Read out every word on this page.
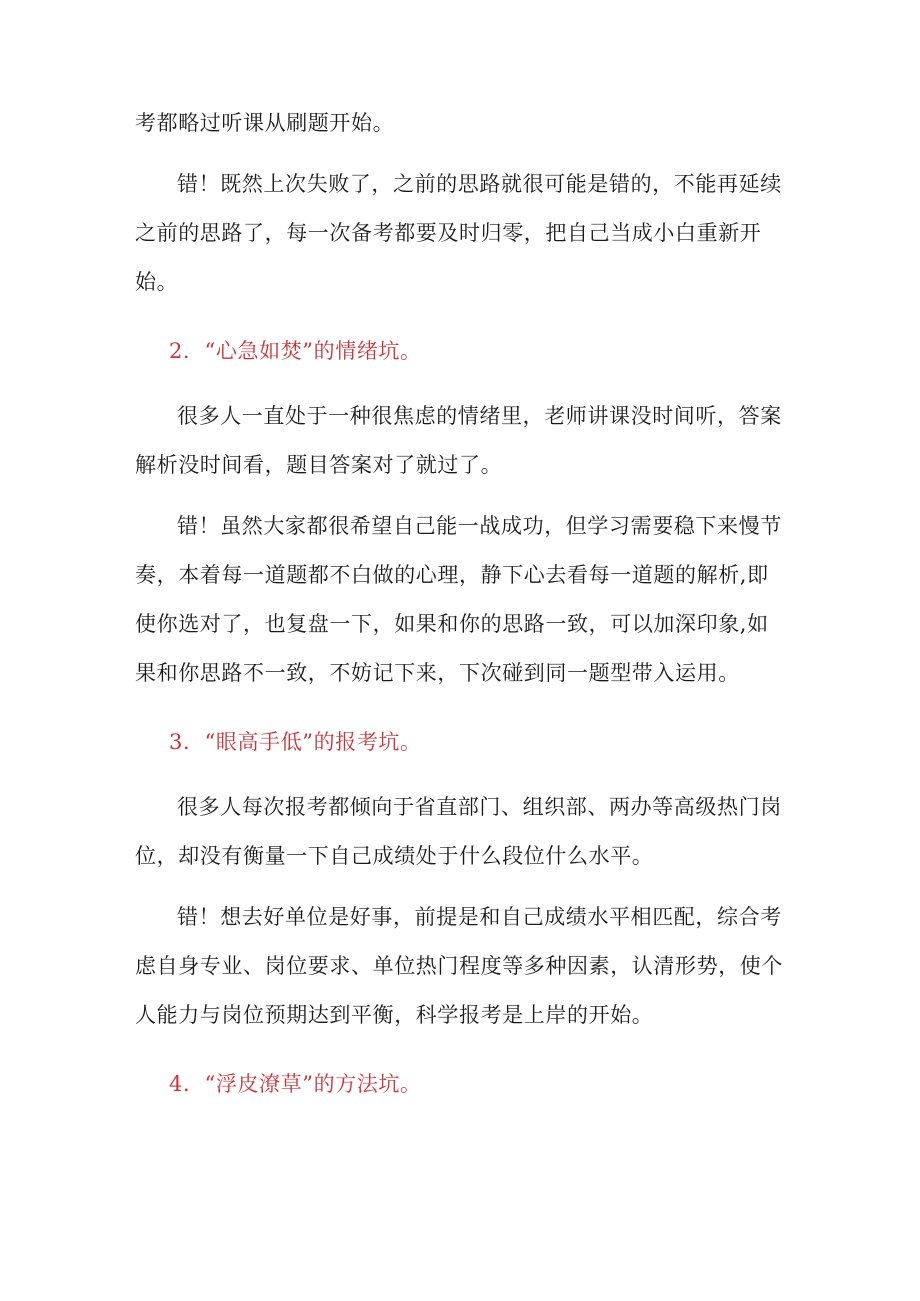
考都略过听课从刷题开始。

错！既然上次失败了，之前的思路就很可能是错的，不能再延续之前的思路了，每一次备考都要及时归零，把自己当成小白重新开始。

2．“心急如焚”的情绪坑。

很多人一直处于一种很焦虑的情绪里，老师讲课没时间听，答案解析没时间看，题目答案对了就过了。

错！虽然大家都很希望自己能一战成功，但学习需要稳下来慢节奏，本着每一道题都不白做的心理，静下心去看每一道题的解析,即使你选对了，也复盘一下，如果和你的思路一致，可以加深印象,如果和你思路不一致，不妨记下来，下次碰到同一题型带入运用。

3．“眼高手低”的报考坑。

很多人每次报考都倾向于省直部门、组织部、两办等高级热门岗位，却没有衡量一下自己成绩处于什么段位什么水平。

错！想去好单位是好事，前提是和自己成绩水平相匹配，综合考虑自身专业、岗位要求、单位热门程度等多种因素，认清形势，使个人能力与岗位预期达到平衡，科学报考是上岸的开始。

4．“浮皮潦草”的方法坑。
